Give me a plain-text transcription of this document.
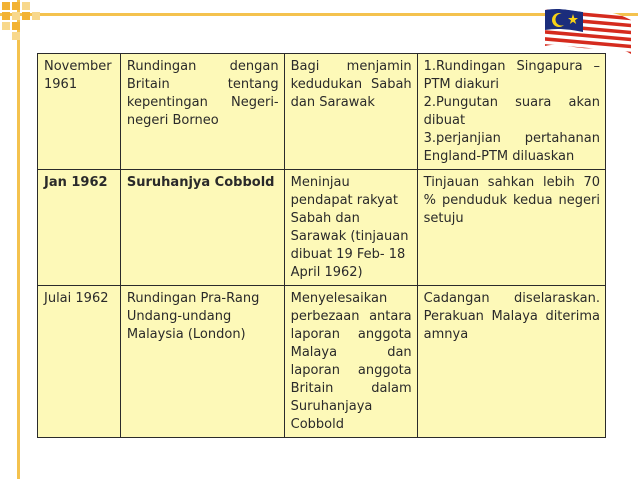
November 1961	Rundingan dengan Britain tentang kepentingan Negeri-negeri Borneo	Bagi menjamin kedudukan Sabah dan Sarawak	1.Rundingan Singapura – PTM diakuri
2.Pungutan suara akan dibuat
3.perjanjian pertahanan England-PTM diluaskan

Jan 1962	Suruhanjya Cobbold	Meninjau pendapat rakyat Sabah dan Sarawak (tinjauan dibuat 19 Feb- 18 April 1962)	Tinjauan sahkan lebih 70 % penduduk kedua negeri setuju

Julai 1962	Rundingan Pra-Rang Undang-undang Malaysia (London)	Menyelesaikan perbezaan antara laporan anggota Malaya dan laporan anggota Britain dalam Suruhanjaya Cobbold	Cadangan diselaraskan. Perakuan Malaya diterima amnya
